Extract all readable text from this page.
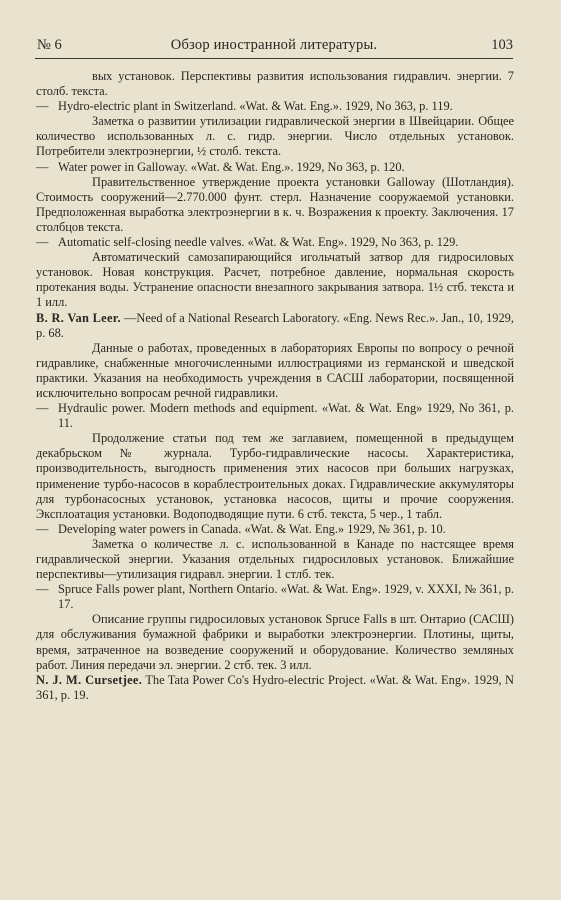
№ 6	Обзор иностранной литературы.	103

вых установок. Перспективы развития использования гидравлич. энергии. 7 столб. текста.

— Hydro-electric plant in Switzerland. «Wat. & Wat. Eng.». 1929, No 363, p. 119.

Заметка о развитии утилизации гидравлической энергии в Швейцарии. Общее количество использованных л. с. гидр. энергии. Число отдельных установок. Потребители электроэнергии, ½ столб. текста.

— Water power in Galloway. «Wat. & Wat. Eng.». 1929, No 363, p. 120.

Правительственное утверждение проекта установки Galloway (Шотландия). Стоимость сооружений—2.770.000 фунт. стерл. Назначение сооружаемой установки. Предположенная выработка электроэнергии в к. ч. Возражения к проекту. Заключения. 17 столбцов текста.

— Automatic self-closing needle valves. «Wat. & Wat. Eng». 1929, No 363, p. 129.

Автоматический самозапирающийся игольчатый затвор для гидросиловых установок. Новая конструкция. Расчет, потребное давление, нормальная скорость протекания воды. Устранение опасности внезапного закрывания затвора. 1½ стб. текста и 1 илл.

B. R. Van Leer. —Need of a National Research Laboratory. «Eng. News Rec.». Jan., 10, 1929, p. 68.

Данные о работах, проведенных в лабораториях Европы по вопросу о речной гидравлике, снабженные многочисленными иллюстрациями из германской и шведской практики. Указания на необходимость учреждения в САСШ лаборатории, посвященной исключительно вопросам речной гидравлики.

— Hydraulic power. Modern methods and equipment. «Wat. & Wat. Eng» 1929, No 361, p. 11.

Продолжение статьи под тем же заглавием, помещенной в предыдущем декабрьском № журнала. Турбо-гидравлические насосы. Характеристика, производительность, выгодность применения этих насосов при больших нагрузках, применение турбо-насосов в кораблестроительных доках. Гидравлические аккумуляторы для турбонасосных установок, установка насосов, щиты и прочие сооружения. Эксплоатация установки. Водоподводящие пути. 6 стб. текста, 5 чер., 1 табл.

— Developing water powers in Canada. «Wat. & Wat. Eng.» 1929, № 361, p. 10.

Заметка о количестве л. с. использованной в Канаде по настсящее время гидравлической энергии. Указания отдельных гидросиловых установок. Ближайшие перспективы—утилизация гидравл. энергии. 1 стлб. тек.

— Spruce Falls power plant, Northern Ontario. «Wat. & Wat. Eng». 1929, v. XXXI, № 361, p. 17.

Описание группы гидросиловых установок Spruce Falls в шт. Онтарио (САСШ) для обслуживания бумажной фабрики и выработки электроэнергии. Плотины, щиты, время, затраченное на возведение сооружений и оборудование. Количество земляных работ. Линия передачи эл. энергии. 2 стб. тек. 3 илл.

N. J. M. Cursetjee. The Tata Power Co's Hydro-electric Project. «Wat. & Wat. Eng». 1929, N 361, p. 19.
